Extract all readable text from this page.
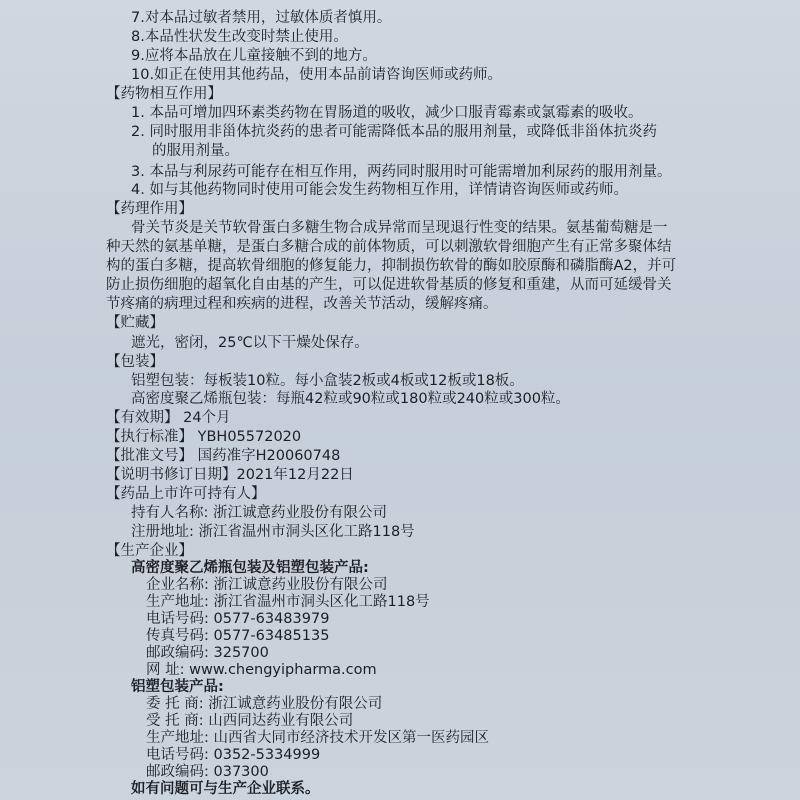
7.对本品过敏者禁用，过敏体质者慎用。
8.本品性状发生改变时禁止使用。
9.应将本品放在儿童接触不到的地方。
10.如正在使用其他药品，使用本品前请咨询医师或药师。
【药物相互作用】
1. 本品可增加四环素类药物在胃肠道的吸收，减少口服青霉素或氯霉素的吸收。
2. 同时服用非甾体抗炎药的患者可能需降低本品的服用剂量，或降低非甾体抗炎药
的服用剂量。
3. 本品与利尿药可能存在相互作用，两药同时服用时可能需增加利尿药的服用剂量。
4. 如与其他药物同时使用可能会发生药物相互作用，详情请咨询医师或药师。
【药理作用】
骨关节炎是关节软骨蛋白多糖生物合成异常而呈现退行性变的结果。氨基葡萄糖是一
种天然的氨基单糖，是蛋白多糖合成的前体物质，可以刺激软骨细胞产生有正常多聚体结
构的蛋白多糖，提高软骨细胞的修复能力，抑制损伤软骨的酶如胶原酶和磷脂酶A2，并可
防止损伤细胞的超氧化自由基的产生，可以促进软骨基质的修复和重建，从而可延缓骨关
节疼痛的病理过程和疾病的进程，改善关节活动，缓解疼痛。
【贮藏】
遮光，密闭，25℃以下干燥处保存。
【包装】
铝塑包装：每板装10粒。每小盒装2板或4板或12板或18板。
高密度聚乙烯瓶包装：每瓶42粒或90粒或180粒或240粒或300粒。
【有效期】 24个月
【执行标准】 YBH05572020
【批准文号】 国药准字H20060748
【说明书修订日期】2021年12月22日
【药品上市许可持有人】
持有人名称: 浙江诚意药业股份有限公司
注册地址: 浙江省温州市洞头区化工路118号
【生产企业】
高密度聚乙烯瓶包装及铝塑包装产品:
企业名称: 浙江诚意药业股份有限公司
生产地址: 浙江省温州市洞头区化工路118号
电话号码: 0577-63483979
传真号码: 0577-63485135
邮政编码: 325700
网 址: www.chengyipharma.com
铝塑包装产品:
委 托 商: 浙江诚意药业股份有限公司
受 托 商: 山西同达药业有限公司
生产地址: 山西省大同市经济技术开发区第一医药园区
电话号码: 0352-5334999
邮政编码: 037300
如有问题可与生产企业联系。
